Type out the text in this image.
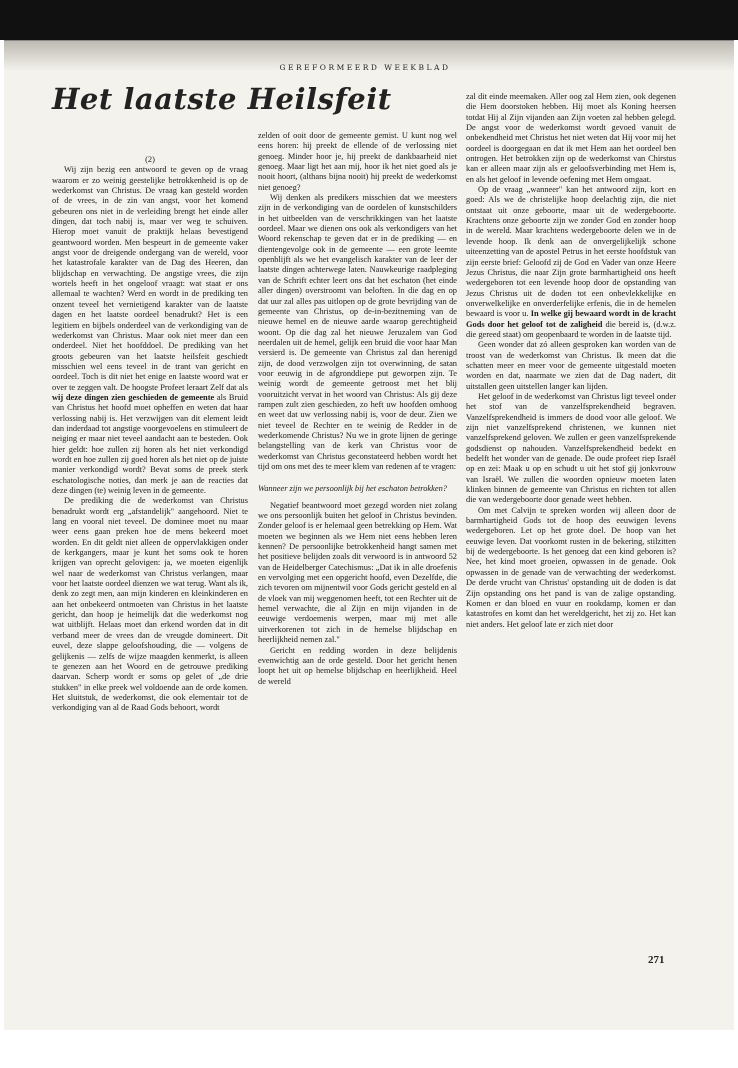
GEREFORMEERD WEEKBLAD
Het laatste Heilsfeit

(2)

Wij zijn bezig een antwoord te geven op de vraag waarom er zo weinig geestelijke betrokkenheid is op de wederkomst van Christus. De vraag kan gesteld worden of de vrees, in de zin van angst, voor het komend gebeuren ons niet in de verleiding brengt het einde aller dingen, dat toch nabij is, maar ver weg te schuiven. Hierop moet vanuit de praktijk helaas bevestigend geantwoord worden. Men bespeurt in de gemeente vaker angst voor de dreigende ondergang van de wereld, voor het katastrofale karakter van de Dag des Heeren, dan blijdschap en verwachting. De angstige vrees, die zijn wortels heeft in het ongeloof vraagt: wat staat er ons allemaal te wachten? Werd en wordt in de prediking ten onzent teveel het vernietigend karakter van de laatste dagen en het laatste oordeel benadrukt? Het is een legitiem en bijbels onderdeel van de verkondiging van de wederkomst van Christus. Maar ook niet meer dan een onderdeel. Niet het hoofddoel. De prediking van het groots gebeuren van het laatste heilsfeit geschiedt misschien wel eens teveel in de trant van gericht en oordeel. Toch is dit niet het enige en laatste woord wat er over te zeggen valt. De hoogste Profeet leraart Zelf dat als wij deze dingen zien geschieden de gemeente als Bruid van Christus het hoofd moet opheffen en weten dat haar verlossing nabij is. Het verzwijgen van dit element leidt dan inderdaad tot angstige voorgevoelens en stimuleert de neiging er maar niet teveel aandacht aan te besteden. Ook hier geldt: hoe zullen zij horen als het niet verkondigd wordt en hoe zullen zij goed horen als het niet op de juiste manier verkondigd wordt? Bevat soms de preek sterk eschatologische noties, dan merk je aan de reacties dat deze dingen (te) weinig leven in de gemeente.

De prediking die de wederkomst van Christus benadrukt wordt erg „afstandelijk" aangehoord. Niet te lang en vooral niet teveel. De dominee moet nu maar weer eens gaan preken hoe de mens bekeerd moet worden. En dit geldt niet alleen de oppervlakkigen onder de kerkgangers, maar je kunt het soms ook te horen krijgen van oprecht gelovigen: ja, we moeten eigenlijk wel naar de wederkomst van Christus verlangen, maar voor het laatste oordeel dienzen we wat terug. Want als ik, denk zo zegt men, aan mijn kinderen en kleinkinderen en aan het onbekeerd ontmoeten van Christus in het laatste gericht, dan hoop je heimelijk dat die wederkomst nog wat uitblijft. Helaas moet dan erkend worden dat in dit verband meer de vrees dan de vreugde domineert. Dit euvel, deze slappe geloofshouding, die — volgens de gelijkenis — zelfs de wijze maagden kenmerkt, is alleen te genezen aan het Woord en de getrouwe prediking daarvan. Scherp wordt er soms op gelet of „de drie stukken" in elke preek wel voldoende aan de orde komen. Het sluitstuk, de wederkomst, die ook elementair tot de verkondiging van al de Raad Gods behoort, wordt

zelden of ooit door de gemeente gemist. U kunt nog wel eens horen: hij preekt de ellende of de verlossing niet genoeg. Minder hoor je, hij preekt de dankbaarheid niet genoeg. Maar ligt het aan mij, hoor ik het niet goed als je nooit hoort, (althans bijna nooit) hij preekt de wederkomst niet genoeg?

Wij denken als predikers misschien dat we meesters zijn in de verkondiging van de oordelen of kunstschilders in het uitbeelden van de verschrikkingen van het laatste oordeel. Maar we dienen ons ook als verkondigers van het Woord rekenschap te geven dat er in de prediking — en dientengevolge ook in de gemeente — een grote leemte openblijft als we het evangelisch karakter van de leer der laatste dingen achterwege laten. Nauwkeurige raadpleging van de Schrift echter leert ons dat het eschaton (het einde aller dingen) overstroomt van beloften. In die dag en op dat uur zal alles pas uitlopen op de grote bevrijding van de gemeente van Christus, op de-in-bezitneming van de nieuwe hemel en de nieuwe aarde waarop gerechtigheid woont. Op die dag zal het nieuwe Jeruzalem van God neerdalen uit de hemel, gelijk een bruid die voor haar Man versierd is. De gemeente van Christus zal dan herenigd zijn, de dood verzwolgen zijn tot overwinning, de satan voor eeuwig in de afgronddiepe put geworpen zijn. Te weinig wordt de gemeente getroost met het blij vooruitzicht vervat in het woord van Christus: Als gij deze rampen zult zien geschieden, zo heft uw hoofden omhoog en weet dat uw verlossing nabij is, voor de deur. Zien we niet teveel de Rechter en te weinig de Redder in de wederkomende Christus? Nu we in grote lijnen de geringe belangstelling van de kerk van Christus voor de wederkomst van Christus geconstateerd hebben wordt het tijd om ons met des te meer klem van redenen af te vragen:

Wanneer zijn we persoonlijk bij het eschaton betrokken?

Negatief beantwoord moet gezegd worden niet zolang we ons persoonlijk buiten het geloof in Christus bevinden. Zonder geloof is er helemaal geen betrekking op Hem. Wat moeten we beginnen als we Hem niet eens hebben leren kennen? De persoonlijke betrokkenheid hangt samen met het positieve belijden zoals dit verwoord is in antwoord 52 van de Heidelberger Catechismus: „Dat ik in alle droefenis en vervolging met een opgericht hoofd, even Dezelfde, die zich tevoren om mijnentwil voor Gods gericht gesteld en al de vloek van mij weggenomen heeft, tot een Rechter uit de hemel verwachte, die al Zijn en mijn vijanden in de eeuwige verdoemenis werpen, maar mij met alle uitverkorenen tot zich in de hemelse blijdschap en heerlijkheid nemen zal."

Gericht en redding worden in deze belijdenis evenwichtig aan de orde gesteld. Door het gericht henen loopt het uit op hemelse blijdschap en heerlijkheid. Heel de wereld

zal dit einde meemaken. Aller oog zal Hem zien, ook degenen die Hem doorstoken hebben. Hij moet als Koning heersen totdat Hij al Zijn vijanden aan Zijn voeten zal hebben gelegd. De angst voor de wederkomst wordt gevoed vanuit de onbekendheid met Christus het niet weten dat Hij voor mij het oordeel is doorgegaan en dat ik met Hem aan het oordeel ben ontrogen. Het betrokken zijn op de wederkomst van Chirstus kan er alleen maar zijn als er geloofsverbinding met Hem is, en als het geloof in levende oefening met Hem omgaat.

Op de vraag „wanneer" kan het antwoord zijn, kort en goed: Als we de christelijke hoop deelachtig zijn, die niet ontstaat uit onze geboorte, maar uit de wedergeboorte. Krachtens onze geboorte zijn we zonder God en zonder hoop in de wereld. Maar krachtens wedergeboorte delen we in de levende hoop. Ik denk aan de onvergelijkelijk schone uiteenzetting van de apostel Petrus in het eerste hoofdstuk van zijn eerste brief: Geloofd zij de God en Vader van onze Heere Jezus Christus, die naar Zijn grote barmhartigheid ons heeft wedergeboren tot een levende hoop door de opstanding van Jezus Christus uit de doden tot een onbevlekkelijke en onverwelkelijke en onverderfelijke erfenis, die in de hemelen bewaard is voor u. In welke gij bewaard wordt in de kracht Gods door het geloof tot de zaligheid die bereid is, (d.w.z. die gereed staat) om geopenbaard te worden in de laatste tijd.

Geen wonder dat zó alleen gesproken kan worden van de troost van de wederkomst van Christus. Ik meen dat die schatten meer en meer voor de gemeente uitgestald moeten worden en dat, naarmate we zien dat de Dag nadert, dit uitstallen geen uitstellen langer kan lijden.

Het geloof in de wederkomst van Christus ligt teveel onder het stof van de vanzelfsprekendheid begraven. Vanzelfsprekendheid is immers de dood voor alle geloof. We zijn niet vanzelfsprekend christenen, we kunnen niet vanzelfsprekend geloven. We zullen er geen vanzelfsprekende godsdienst op nahouden. Vanzelfsprekendheid bedekt en bedelft het wonder van de genade. De oude profeet riep Israël op en zei: Maak u op en schudt u uit het stof gij jonkvrouw van Israël. We zullen die woorden opnieuw moeten laten klinken binnen de gemeente van Christus en richten tot allen die van wedergeboorte door genade weet hebben.

Om met Calvijn te spreken worden wij alleen door de barmhartigheid Gods tot de hoop des eeuwigen levens wedergeboren. Let op het grote doel. De hoop van het eeuwige leven. Dat voorkomt rusten in de bekering, stilzitten bij de wedergeboorte. Is het genoeg dat een kind geboren is? Nee, het kind moet groeien, opwassen in de genade. Ook opwassen in de genade van de verwachting der wederkomst. De derde vrucht van Christus' opstanding uit de doden is dat Zijn opstanding ons het pand is van de zalige opstanding. Komen er dan bloed en vuur en rookdamp, komen er dan katastrofes en komt dan het wereldgericht, het zij zo. Het kan niet anders. Het geloof late er zich niet door

271
